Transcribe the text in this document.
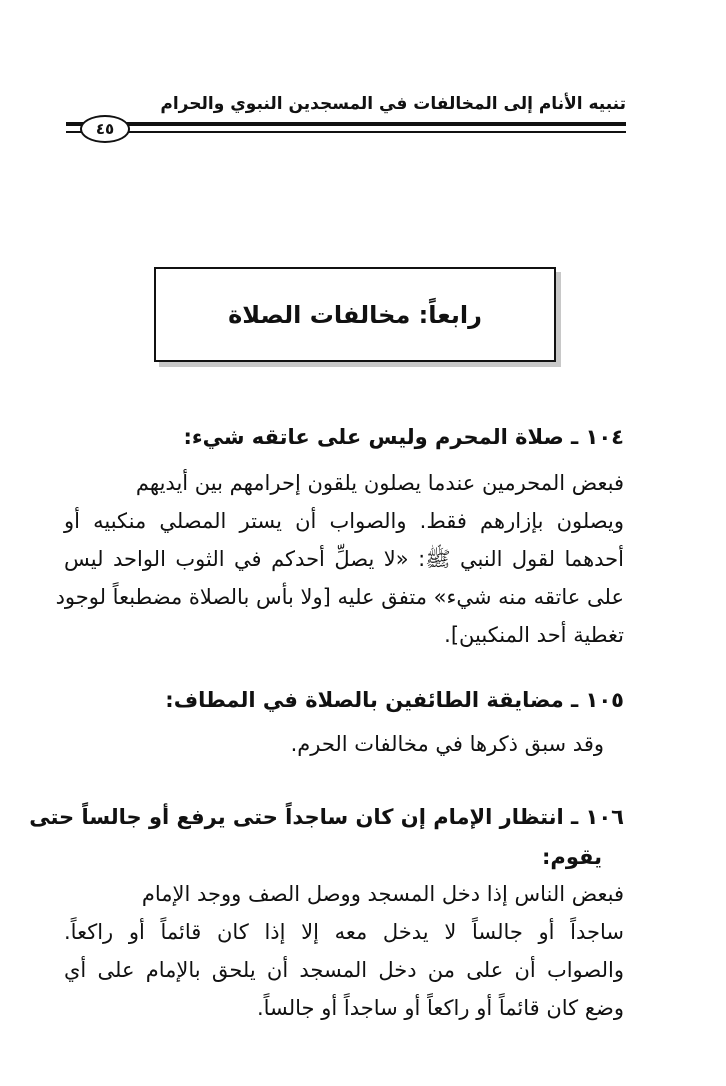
تنبيه الأنام إلى المخالفات في المسجدين النبوي والحرام
٤٥
رابعاً: مخالفات الصلاة
١٠٤ ـ صلاة المحرم وليس على عاتقه شيء:
فبعض المحرمين عندما يصلون يلقون إحرامهم بين أيديهم
ويصلون بإزارهم فقط. والصواب أن يستر المصلي منكبيه أو
أحدهما لقول النبي ﷺ: «لا يصلِّ أحدكم في الثوب الواحد ليس
على عاتقه منه شيء» متفق عليه [ولا بأس بالصلاة مضطبعاً لوجود
تغطية أحد المنكبين].
١٠٥ ـ مضايقة الطائفين بالصلاة في المطاف:
وقد سبق ذكرها في مخالفات الحرم.
١٠٦ ـ انتظار الإمام إن كان ساجداً حتى يرفع أو جالساً حتى
يقوم:
فبعض الناس إذا دخل المسجد ووصل الصف ووجد الإمام
ساجداً أو جالساً لا يدخل معه إلا إذا كان قائماً أو راكعاً.
والصواب أن على من دخل المسجد أن يلحق بالإمام على أي
وضع كان قائماً أو راكعاً أو ساجداً أو جالساً.
